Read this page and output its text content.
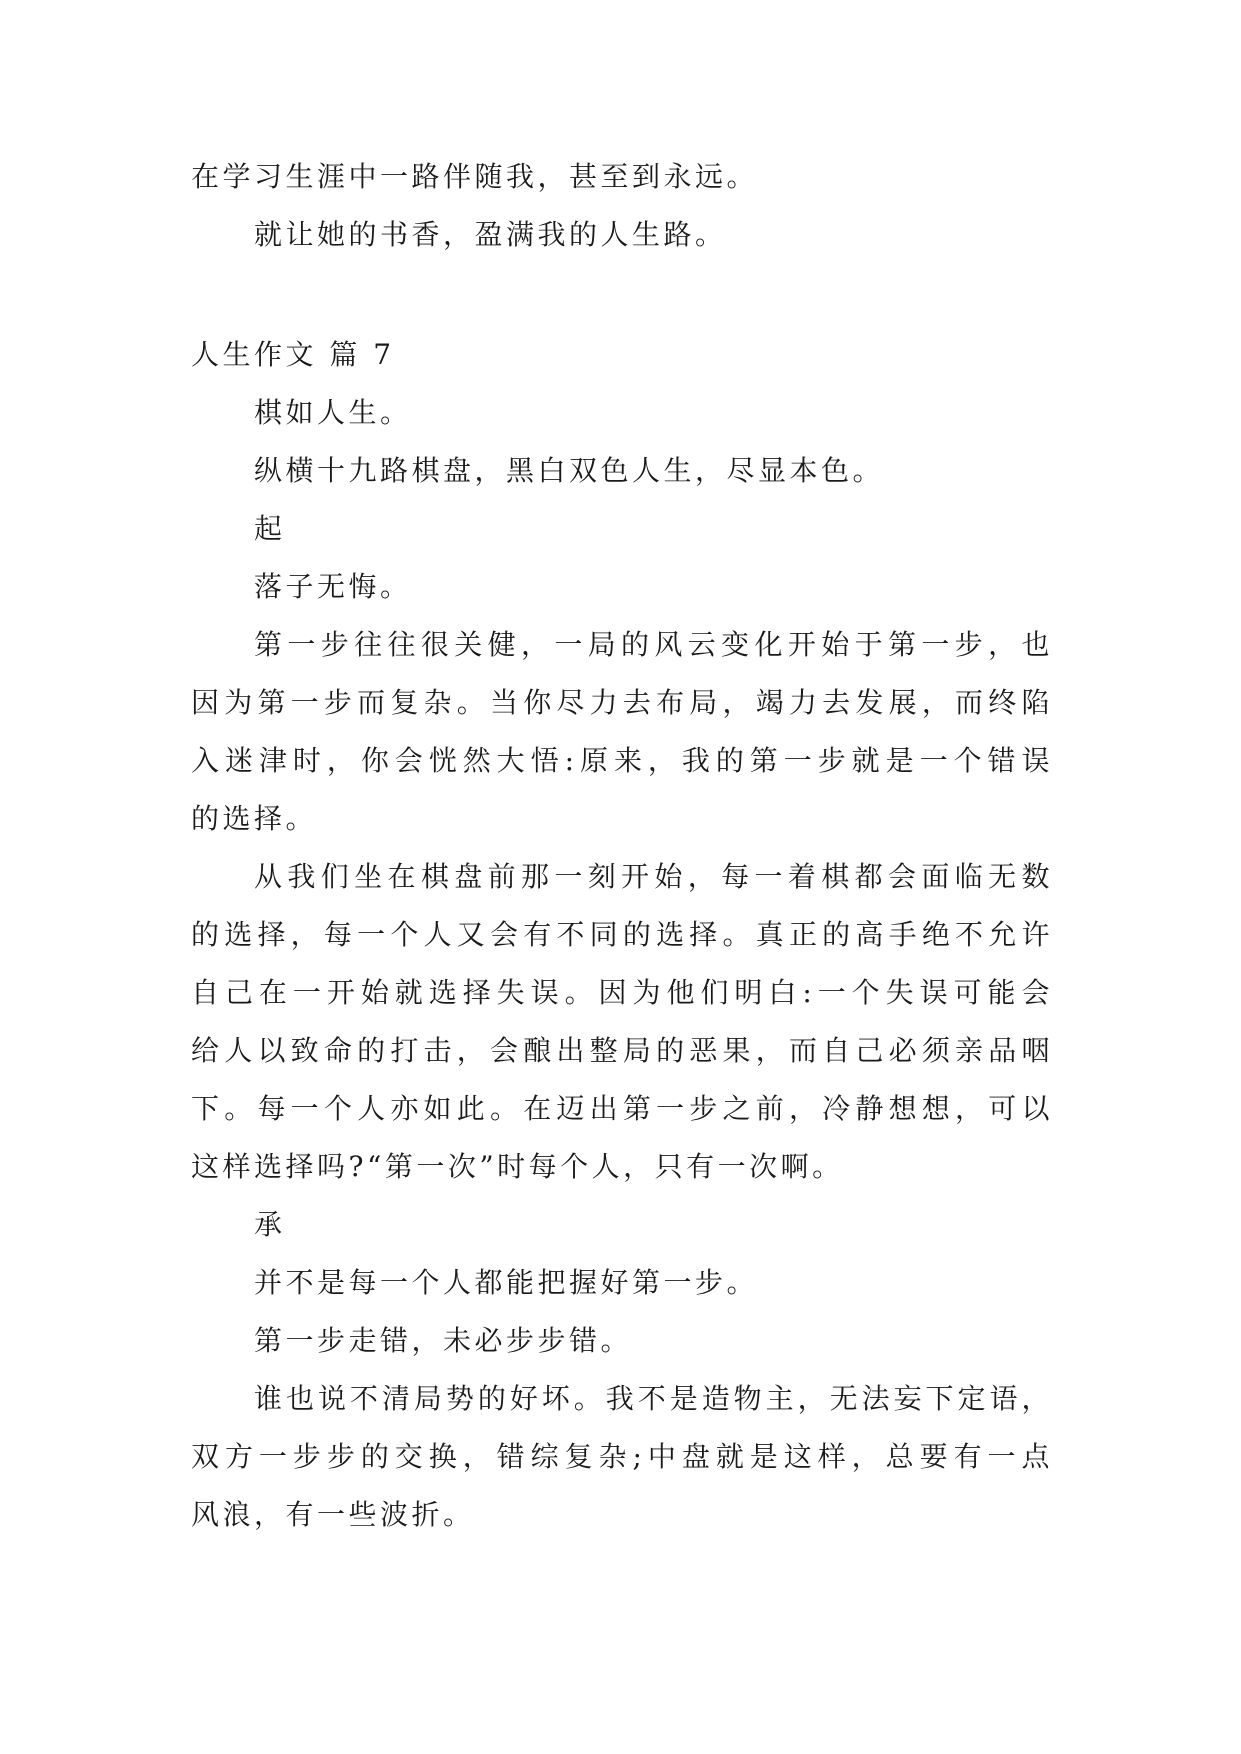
在学习生涯中一路伴随我，甚至到永远。

就让她的书香，盈满我的人生路。

人生作文 篇 7

棋如人生。

纵横十九路棋盘，黑白双色人生，尽显本色。

起

落子无悔。

第一步往往很关健，一局的风云变化开始于第一步，也

因为第一步而复杂。当你尽力去布局，竭力去发展，而终陷

入迷津时，你会恍然大悟:原来，我的第一步就是一个错误

的选择。

从我们坐在棋盘前那一刻开始，每一着棋都会面临无数

的选择，每一个人又会有不同的选择。真正的高手绝不允许

自己在一开始就选择失误。因为他们明白:一个失误可能会

给人以致命的打击，会酿出整局的恶果，而自己必须亲品咽

下。每一个人亦如此。在迈出第一步之前，冷静想想，可以

这样选择吗?“第一次”时每个人，只有一次啊。

承

并不是每一个人都能把握好第一步。

第一步走错，未必步步错。

谁也说不清局势的好坏。我不是造物主，无法妄下定语，

双方一步步的交换，错综复杂;中盘就是这样，总要有一点

风浪，有一些波折。
